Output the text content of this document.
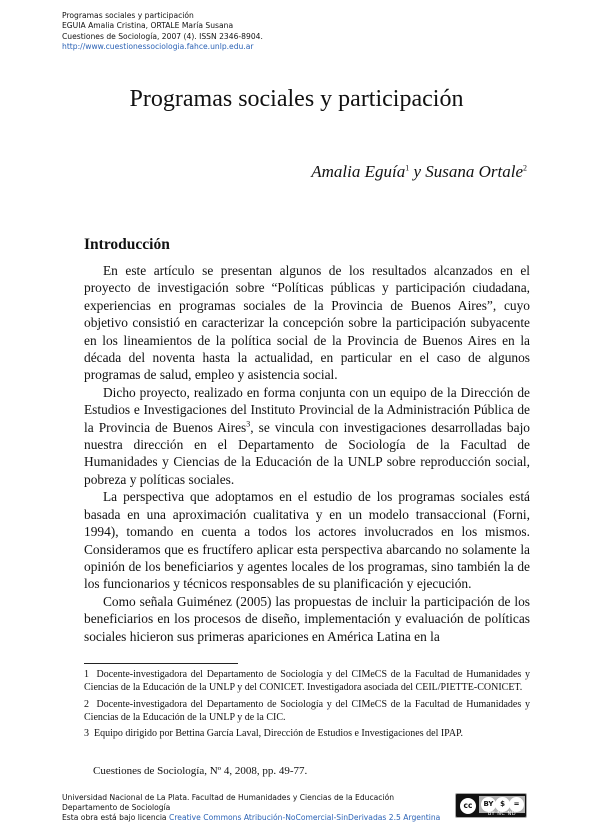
Programas sociales y participación
EGUIA Amalia Cristina, ORTALE María Susana
Cuestiones de Sociología, 2007 (4). ISSN 2346-8904.
http://www.cuestionessociologia.fahce.unlp.edu.ar
Programas sociales y participación
Amalia Eguía$^1$ y Susana Ortale$^2$
Introducción

En este artículo se presentan algunos de los resultados alcanzados en el proyecto de investigación sobre “Políticas públicas y participación ciudadana, experiencias en programas sociales de la Provincia de Buenos Aires”, cuyo objetivo consistió en caracterizar la concepción sobre la participación subyacente en los lineamientos de la política social de la Provincia de Buenos Aires en la década del noventa hasta la actualidad, en particular en el caso de algunos programas de salud, empleo y asistencia social.

Dicho proyecto, realizado en forma conjunta con un equipo de la Dirección de Estudios e Investigaciones del Instituto Provincial de la Administración Pública de la Provincia de Buenos Aires$^3$, se vincula con investigaciones desarrolladas bajo nuestra dirección en el Departamento de Sociología de la Facultad de Humanidades y Ciencias de la Educación de la UNLP sobre reproducción social, pobreza y políticas sociales.

La perspectiva que adoptamos en el estudio de los programas sociales está basada en una aproximación cualitativa y en un modelo transaccional (Forni, 1994), tomando en cuenta a todos los actores involucrados en los mismos. Consideramos que es fructífero aplicar esta perspectiva abarcando no solamente la opinión de los beneficiarios y agentes locales de los programas, sino también la de los funcionarios y técnicos responsables de su planificación y ejecución.

Como señala Guiménez (2005) las propuestas de incluir la participación de los beneficiarios en los procesos de diseño, implementación y evaluación de políticas sociales hicieron sus primeras apariciones en América Latina en la

1 Docente-investigadora del Departamento de Sociología y del CIMeCS de la Facultad de Humanidades y Ciencias de la Educación de la UNLP y del CONICET. Investigadora asociada del CEIL/PIETTE-CONICET.
2 Docente-investigadora del Departamento de Sociología y del CIMeCS de la Facultad de Humanidades y Ciencias de la Educación de la UNLP y de la CIC.
3 Equipo dirigido por Bettina García Laval, Dirección de Estudios e Investigaciones del IPAP.
Cuestiones de Sociología, Nº 4, 2008, pp. 49-77.
Universidad Nacional de La Plata. Facultad de Humanidades y Ciencias de la Educación
Departamento de Sociología
Esta obra está bajo licencia Creative Commons Atribución-NoComercial-SinDerivadas 2.5 Argentina
cc	BY $	=
BY NC ND
